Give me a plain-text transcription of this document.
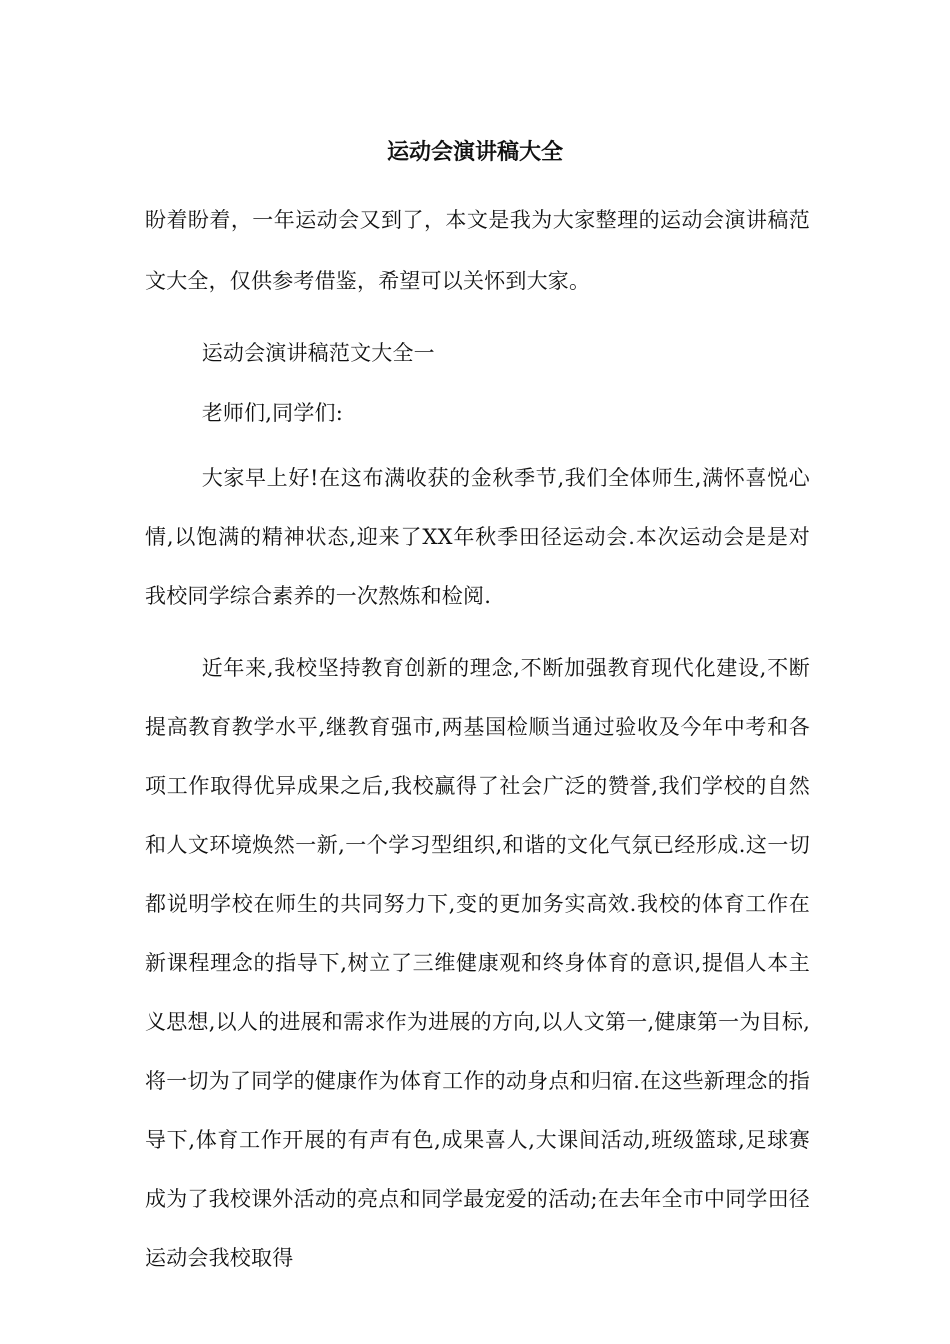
运动会演讲稿大全

盼着盼着，一年运动会又到了，本文是我为大家整理的运动会演讲稿范文大全，仅供参考借鉴，希望可以关怀到大家。

运动会演讲稿范文大全一

老师们,同学们:

大家早上好!在这布满收获的金秋季节,我们全体师生,满怀喜悦心情,以饱满的精神状态,迎来了XX年秋季田径运动会.本次运动会是是对我校同学综合素养的一次熬炼和检阅.

近年来,我校坚持教育创新的理念,不断加强教育现代化建设,不断提高教育教学水平,继教育强市,两基国检顺当通过验收及今年中考和各项工作取得优异成果之后,我校赢得了社会广泛的赞誉,我们学校的自然和人文环境焕然一新,一个学习型组织,和谐的文化气氛已经形成.这一切都说明学校在师生的共同努力下,变的更加务实高效.我校的体育工作在新课程理念的指导下,树立了三维健康观和终身体育的意识,提倡人本主义思想,以人的进展和需求作为进展的方向,以人文第一,健康第一为目标,将一切为了同学的健康作为体育工作的动身点和归宿.在这些新理念的指导下,体育工作开展的有声有色,成果喜人,大课间活动,班级篮球,足球赛成为了我校课外活动的亮点和同学最宠爱的活动;在去年全市中同学田径运动会我校取得
